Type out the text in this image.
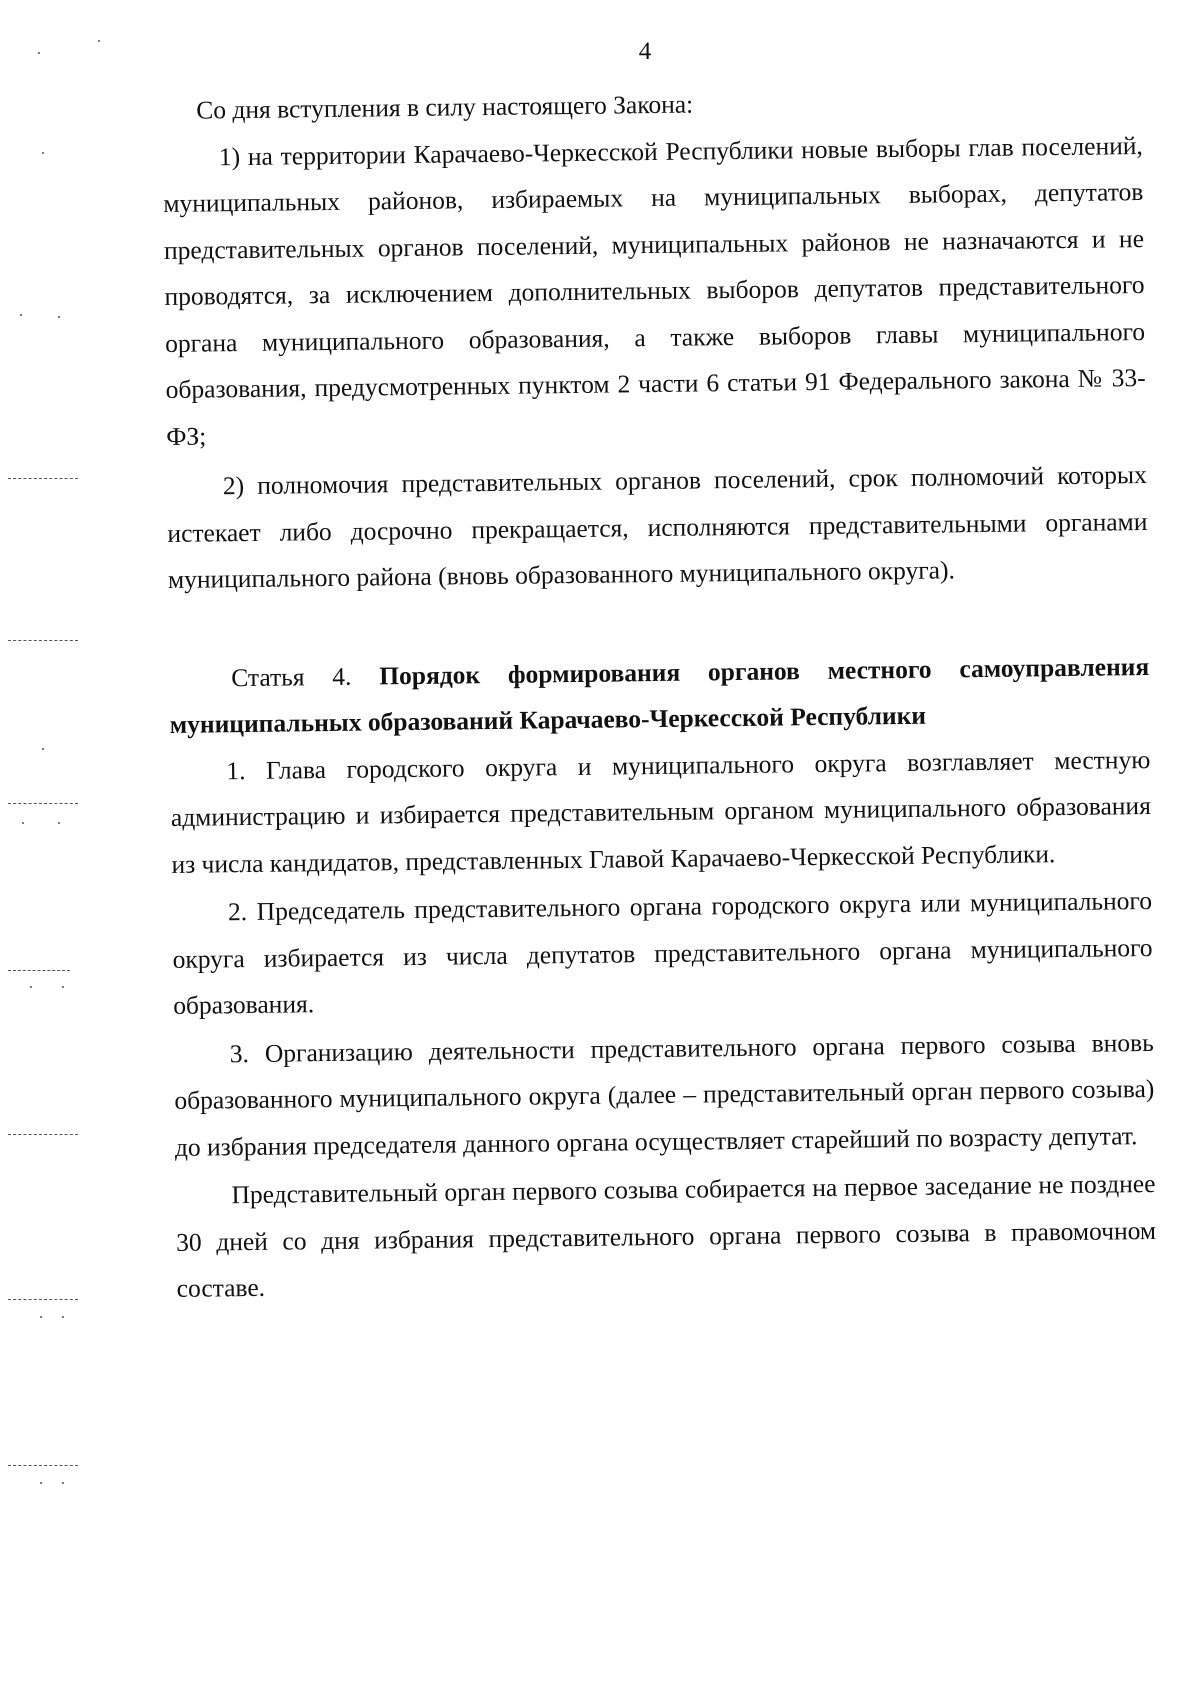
4

Со дня вступления в силу настоящего Закона:

1) на территории Карачаево-Черкесской Республики новые выборы глав поселений, муниципальных районов, избираемых на муниципальных выборах, депутатов представительных органов поселений, муниципальных районов не назначаются и не проводятся, за исключением дополнительных выборов депутатов представительного органа муниципального образования, а также выборов главы муниципального образования, предусмотренных пунктом 2 части 6 статьи 91 Федерального закона № 33-ФЗ;

2) полномочия представительных органов поселений, срок полномочий которых истекает либо досрочно прекращается, исполняются представительными органами муниципального района (вновь образованного муниципального округа).

Статья 4. Порядок формирования органов местного самоуправления муниципальных образований Карачаево-Черкесской Республики

1. Глава городского округа и муниципального округа возглавляет местную администрацию и избирается представительным органом муниципального образования из числа кандидатов, представленных Главой Карачаево-Черкесской Республики.

2. Председатель представительного органа городского округа или муниципального округа избирается из числа депутатов представительного органа муниципального образования.

3. Организацию деятельности представительного органа первого созыва вновь образованного муниципального округа (далее – представительный орган первого созыва) до избрания председателя данного органа осуществляет старейший по возрасту депутат.

Представительный орган первого созыва собирается на первое заседание не позднее 30 дней со дня избрания представительного органа первого созыва в правомочном составе.
